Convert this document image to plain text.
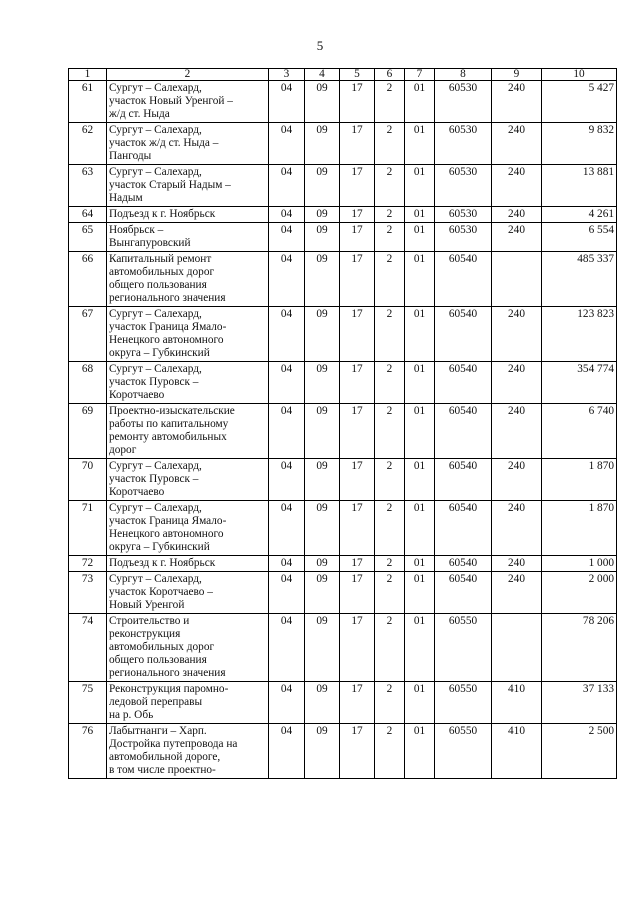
5
1	2	3	4	5	6	7	8	9	10
61	Сургут – Салехард,
участок Новый Уренгой –
ж/д ст. Ныда	04	09	17	2	01	60530	240	5 427
62	Сургут – Салехард,
участок ж/д ст. Ныда –
Пангоды	04	09	17	2	01	60530	240	9 832
63	Сургут – Салехард,
участок Старый Надым –
Надым	04	09	17	2	01	60530	240	13 881
64	Подъезд к г. Ноябрьск	04	09	17	2	01	60530	240	4 261
65	Ноябрьск –
Вынгапуровский	04	09	17	2	01	60530	240	6 554
66	Капитальный ремонт
автомобильных дорог
общего пользования
регионального значения	04	09	17	2	01	60540		485 337
67	Сургут – Салехард,
участок Граница Ямало-
Ненецкого автономного
округа – Губкинский	04	09	17	2	01	60540	240	123 823
68	Сургут – Салехард,
участок Пуровск –
Коротчаево	04	09	17	2	01	60540	240	354 774
69	Проектно-изыскательские
работы по капитальному
ремонту автомобильных
дорог	04	09	17	2	01	60540	240	6 740
70	Сургут – Салехард,
участок Пуровск –
Коротчаево	04	09	17	2	01	60540	240	1 870
71	Сургут – Салехард,
участок Граница Ямало-
Ненецкого автономного
округа – Губкинский	04	09	17	2	01	60540	240	1 870
72	Подъезд к г. Ноябрьск	04	09	17	2	01	60540	240	1 000
73	Сургут – Салехард,
участок Коротчаево –
Новый Уренгой	04	09	17	2	01	60540	240	2 000
74	Строительство и
реконструкция
автомобильных дорог
общего пользования
регионального значения	04	09	17	2	01	60550		78 206
75	Реконструкция паромно-
ледовой переправы
на р. Обь	04	09	17	2	01	60550	410	37 133
76	Лабытнанги – Харп.
Достройка путепровода на
автомобильной дороге,
в том числе проектно-	04	09	17	2	01	60550	410	2 500
